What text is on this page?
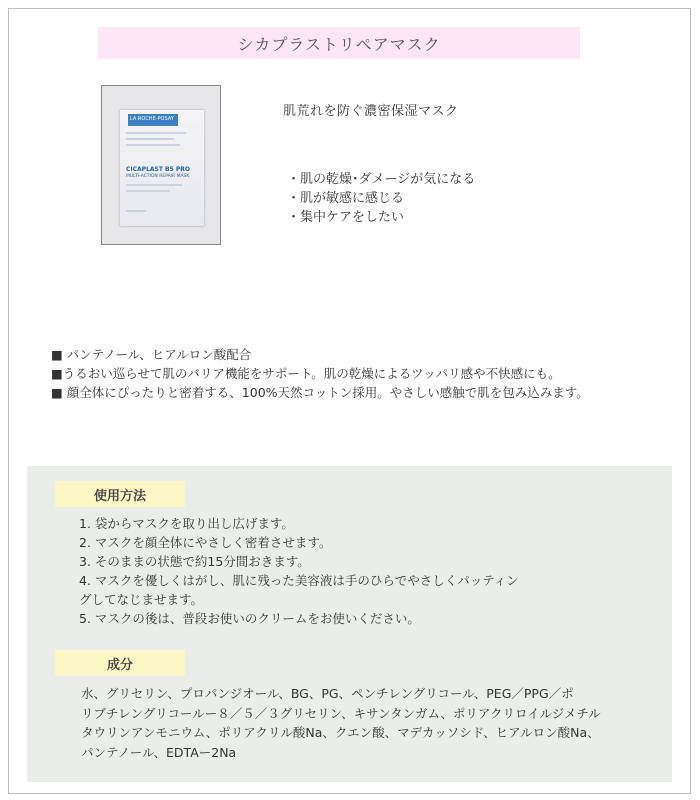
シカプラストリペアマスク
LA ROCHE-POSAY
CICAPLAST B5 PRO
MULTI-ACTION REPAIR MASK
肌荒れを防ぐ濃密保湿マスク
・肌の乾燥･ダメージが気になる
・肌が敏感に感じる
・集中ケアをしたい
■ パンテノール、ヒアルロン酸配合
■うるおい巡らせて肌のバリア機能をサポート。肌の乾燥によるツッパリ感や不快感にも。
■ 顔全体にぴったりと密着する、100%天然コットン採用。やさしい感触で肌を包み込みます。
使用方法
1. 袋からマスクを取り出し広げます。
2. マスクを顔全体にやさしく密着させます。
3. そのままの状態で約15分間おきます。
4. マスクを優しくはがし、肌に残った美容液は手のひらでやさしくパッティン
グしてなじませます。
5. マスクの後は、普段お使いのクリームをお使いください。
成分
水、グリセリン、プロパンジオール、BG、PG、ペンチレングリコール、PEG／PPG／ポ
リブチレングリコールー８／５／３グリセリン、キサンタンガム、ポリアクリロイルジメチル
タウリンアンモニウム、ポリアクリル酸Na、クエン酸、マデカッソシド、ヒアルロン酸Na、
パンテノール、EDTAー2Na
